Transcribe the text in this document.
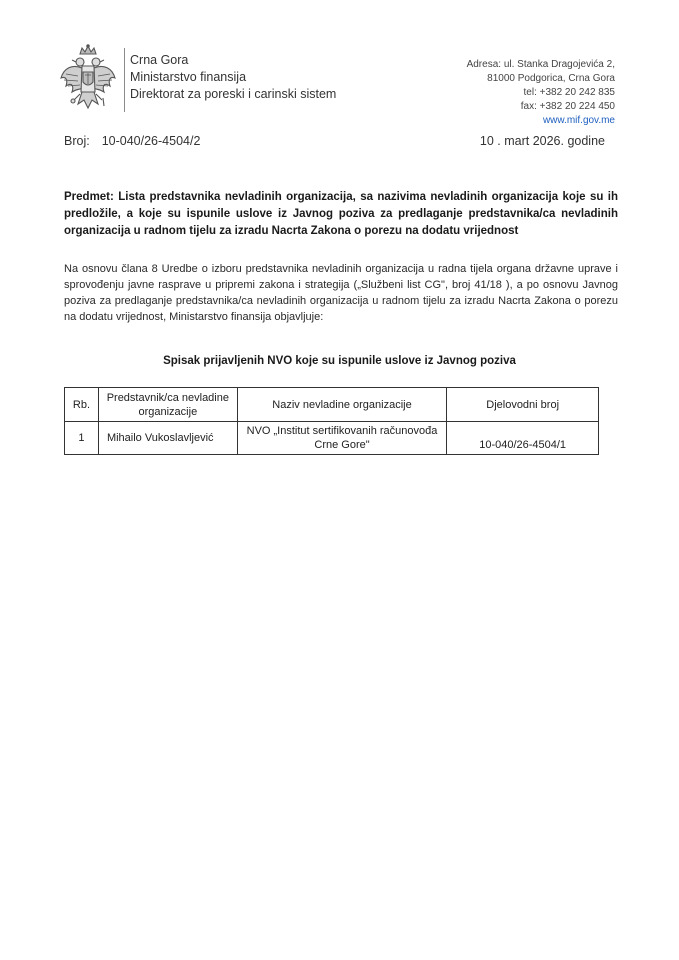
Crna Gora
Ministarstvo finansija
Direktorat za poreski i carinski sistem
Adresa: ul. Stanka Dragojevića 2,
81000 Podgorica, Crna Gora
tel: +382 20 242 835
fax: +382 20 224 450
www.mif.gov.me
Broj: 10-040/26-4504/2	10 . mart 2026. godine
Predmet: Lista predstavnika nevladinih organizacija, sa nazivima nevladinih organizacija koje su ih predložile, a koje su ispunile uslove iz Javnog poziva za predlaganje predstavnika/ca nevladinih organizacija u radnom tijelu za izradu Nacrta Zakona o porezu na dodatu vrijednost
Na osnovu člana 8 Uredbe o izboru predstavnika nevladinih organizacija u radna tijela organa državne uprave i sprovođenju javne rasprave u pripremi zakona i strategija („Službeni list CG", broj 41/18 ), a po osnovu Javnog poziva za predlaganje predstavnika/ca nevladinih organizacija u radnom tijelu za izradu Nacrta Zakona o porezu na dodatu vrijednost, Ministarstvo finansija objavljuje:
Spisak prijavljenih NVO koje su ispunile uslove iz Javnog poziva
Rb.	Predstavnik/ca nevladine organizacije	Naziv nevladine organizacije	Djelovodni broj
1	Mihailo Vukoslavljević	NVO „Institut sertifikovanih računovođa Crne Gore"	10-040/26-4504/1
